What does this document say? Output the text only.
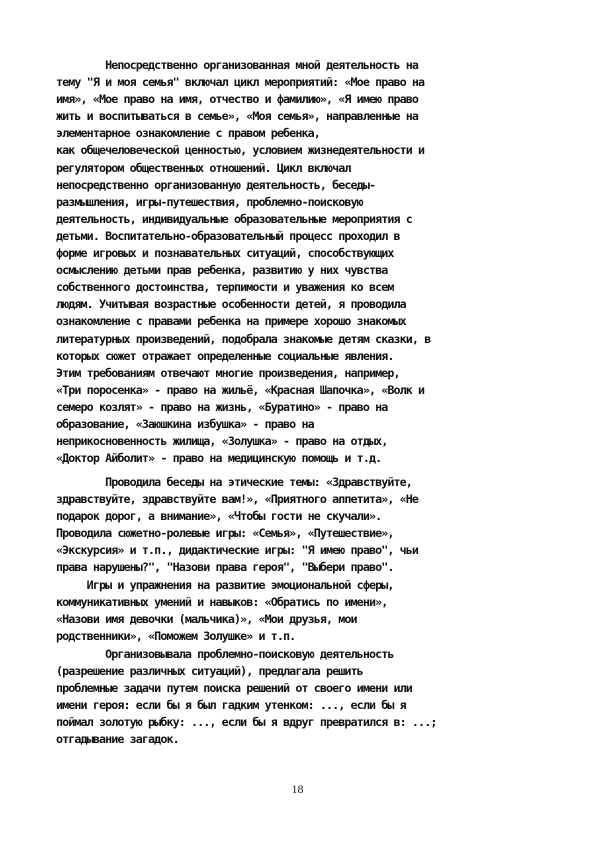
Непосредственно организованная мной деятельность на
тему "Я и моя семья" включал цикл мероприятий: «Мое право на
имя», «Мое право на имя, отчество и фамилию», «Я имею право
жить и воспитываться в семье», «Моя семья», направленные на
элементарное ознакомление с правом ребенка,
как общечеловеческой ценностью, условием жизнедеятельности и
регулятором общественных отношений. Цикл включал
непосредственно организованную деятельность, беседы-
размышления, игры-путешествия, проблемно-поисковую
деятельность, индивидуальные образовательные мероприятия с
детьми. Воспитательно-образовательный процесс проходил в
форме игровых и познавательных ситуаций, способствующих
осмыслению детьми прав ребенка, развитию у них чувства
собственного достоинства, терпимости и уважения ко всем
людям. Учитывая возрастные особенности детей, я проводила
ознакомление с правами ребенка на примере хорошо знакомых
литературных произведений, подобрала знакомые детям сказки, в
которых сюжет отражает определенные социальные явления.
Этим требованиям отвечают многие произведения, например,
«Три поросенка» - право на жильё, «Красная Шапочка», «Волк и
семеро козлят» - право на жизнь, «Буратино» - право на
образование, «Заюшкина избушка» - право на
неприкосновенность жилища, «Золушка» - право на отдых,
«Доктор Айболит» - право на медицинскую помощь и т.д.
Проводила беседы на этические темы: «Здравствуйте,
здравствуйте, здравствуйте вам!», «Приятного аппетита», «Не
подарок дорог, а внимание», «Чтобы гости не скучали».
Проводила сюжетно-ролевые игры: «Семья», «Путешествие»,
«Экскурсия» и т.п., дидактические игры: "Я имею право", чьи
права нарушены?", "Назови права героя", "Выбери право".
Игры и упражнения на развитие эмоциональной сферы,
коммуникативных умений и навыков: «Обратись по имени»,
«Назови имя девочки (мальчика)», «Мои друзья, мои
родственники», «Поможем Золушке» и т.п.
Организовывала проблемно-поисковую деятельность
(разрешение различных ситуаций), предлагала решить
проблемные задачи путем поиска решений от своего имени или
имени героя: если бы я был гадким утенком: ..., если бы я
поймал золотую рыбку: ..., если бы я вдруг превратился в: ...;
отгадывание загадок.
18
